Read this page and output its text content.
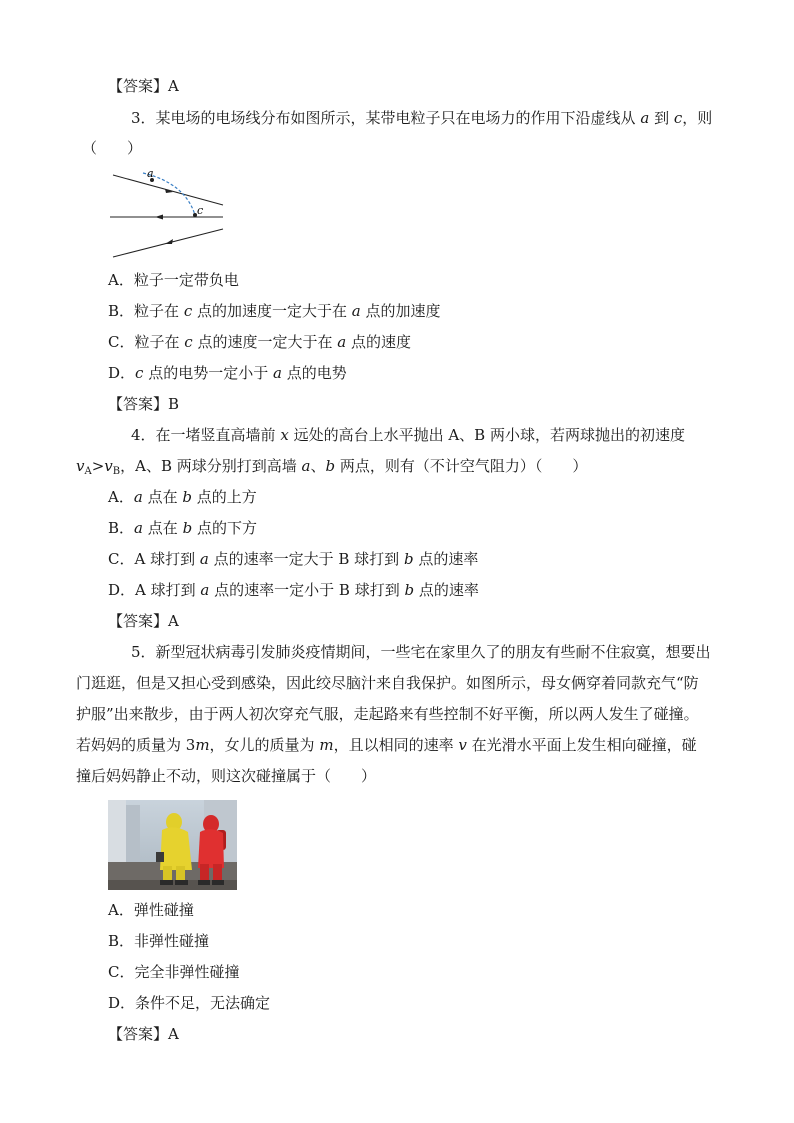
【答案】A
3．某电场的电场线分布如图所示，某带电粒子只在电场力的作用下沿虚线从 a 到 c，则
（　　）
a
c
A．粒子一定带负电
B．粒子在 c 点的加速度一定大于在 a 点的加速度
C．粒子在 c 点的速度一定大于在 a 点的速度
D．c 点的电势一定小于 a 点的电势
【答案】B
4．在一堵竖直高墙前 x 远处的高台上水平抛出 A、B 两小球，若两球抛出的初速度
$v_A>v_B$，A、B 两球分别打到高墙 a、b 两点，则有（不计空气阻力）（　　）
A．a 点在 b 点的上方
B．a 点在 b 点的下方
C．A 球打到 a 点的速率一定大于 B 球打到 b 点的速率
D．A 球打到 a 点的速率一定小于 B 球打到 b 点的速率
【答案】A
5．新型冠状病毒引发肺炎疫情期间，一些宅在家里久了的朋友有些耐不住寂寞，想要出
门逛逛，但是又担心受到感染，因此绞尽脑汁来自我保护。如图所示，母女俩穿着同款充气“防
护服”出来散步，由于两人初次穿充气服，走起路来有些控制不好平衡，所以两人发生了碰撞。
若妈妈的质量为 3m，女儿的质量为 m，且以相同的速率 v 在光滑水平面上发生相向碰撞，碰
撞后妈妈静止不动，则这次碰撞属于（　　）
A．弹性碰撞
B．非弹性碰撞
C．完全非弹性碰撞
D．条件不足，无法确定
【答案】A
